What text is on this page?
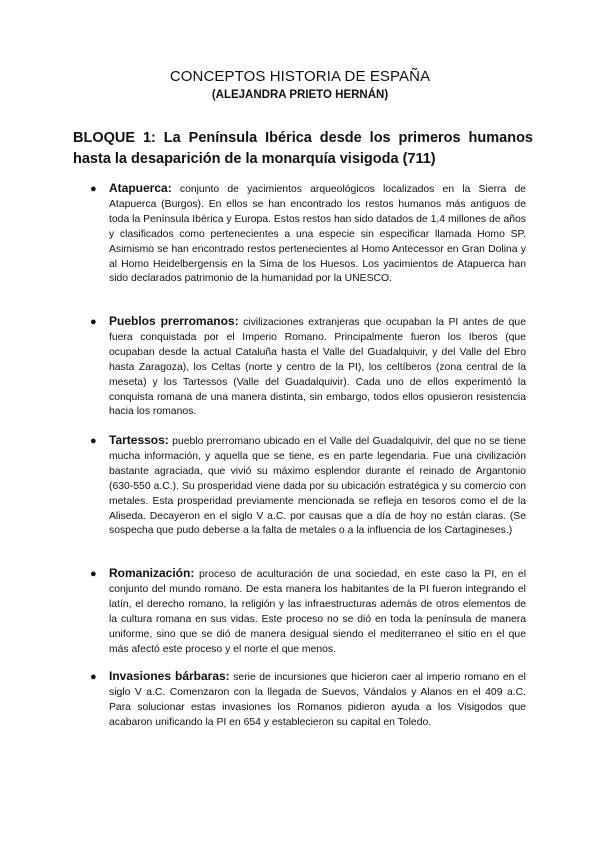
CONCEPTOS HISTORIA DE ESPAÑA
(ALEJANDRA PRIETO HERNÁN)
BLOQUE 1: La Península Ibérica desde los primeros humanos hasta la desaparición de la monarquía visigoda (711)
● Atapuerca: conjunto de yacimientos arqueológicos localizados en la Sierra de Atapuerca (Burgos). En ellos se han encontrado los restos humanos más antiguos de toda la Península Ibérica y Europa. Estos restos han sido datados de 1,4 millones de años y clasificados como pertenecientes a una especie sin especificar llamada Homo SP. Asimismo se han encontrado restos pertenecientes al Homo Antecessor en Gran Dolina y al Homo Heidelbergensis en la Sima de los Huesos. Los yacimientos de Atapuerca han sido declarados patrimonio de la humanidad por la UNESCO.

● Pueblos prerromanos: civilizaciones extranjeras que ocupaban la PI antes de que fuera conquistada por el Imperio Romano. Principalmente fueron los Iberos (que ocupaban desde la actual Cataluña hasta el Valle del Guadalquivir, y del Valle del Ebro hasta Zaragoza), los Celtas (norte y centro de la PI), los celtíberos (zona central de la meseta) y los Tartessos (Valle del Guadalquivir). Cada uno de ellos experimentó la conquista romana de una manera distinta, sin embargo, todos ellos opusieron resistencia hacia los romanos.

● Tartessos: pueblo prerromano ubicado en el Valle del Guadalquivir, del que no se tiene mucha información, y aquella que se tiene, es en parte legendaria. Fue una civilización bastante agraciada, que vivió su máximo esplendor durante el reinado de Argantonio (630-550 a.C.). Su prosperidad viene dada por su ubicación estratégica y su comercio con metales. Esta prosperidad previamente mencionada se refleja en tesoros como el de la Aliseda. Decayeron en el siglo V a.C. por causas que a día de hoy no están claras. (Se sospecha que pudo deberse a la falta de metales o a la influencia de los Cartagineses.)

● Romanización: proceso de aculturación de una sociedad, en este caso la PI, en el conjunto del mundo romano. De esta manera los habitantes de la PI fueron integrando el latín, el derecho romano, la religión y las infraestructuras además de otros elementos de la cultura romana en sus vidas. Este proceso no se dió en toda la península de manera uniforme, sino que se dió de manera desigual siendo el mediterraneo el sitio en el que más afectó este proceso y el norte el que menos.

● Invasiones bárbaras: serie de incursiones que hicieron caer al imperio romano en el siglo V a.C. Comenzaron con la llegada de Suevos, Vándalos y Alanos en el 409 a.C. Para solucionar estas invasiones los Romanos pidieron ayuda a los Visigodos que acabaron unificando la PI en 654 y establecieron su capital en Toledo.
